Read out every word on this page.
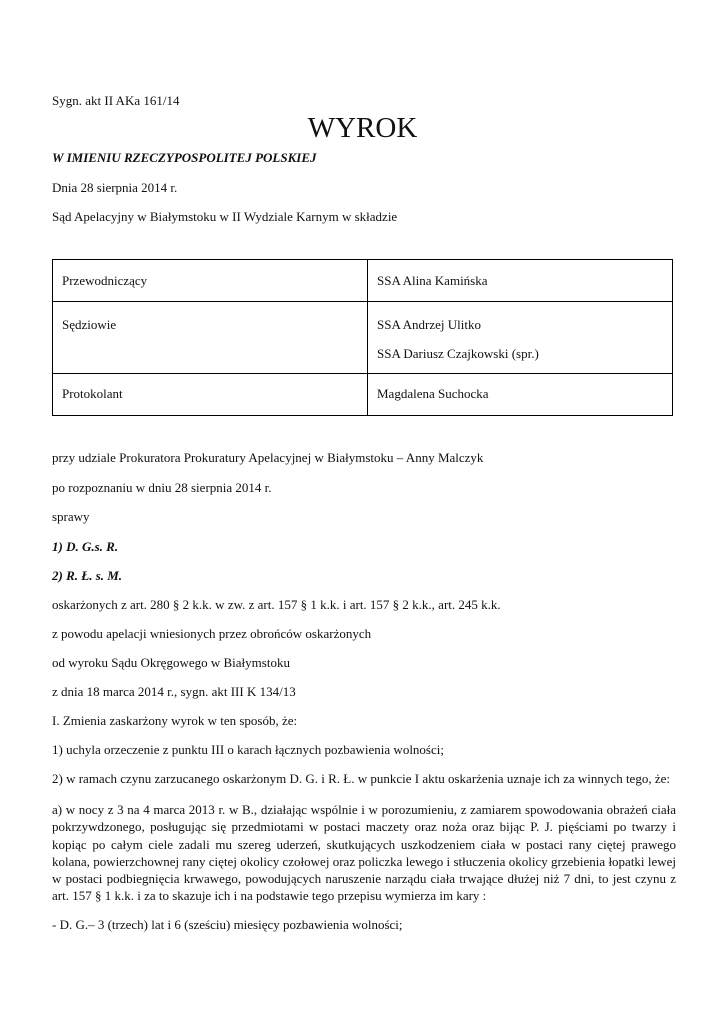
Sygn. akt II AKa 161/14
WYROK
W IMIENIU RZECZYPOSPOLITEJ POLSKIEJ
Dnia 28 sierpnia 2014 r.
Sąd Apelacyjny w Białymstoku w II Wydziale Karnym w składzie
Przewodniczący	SSA Alina Kamińska

Sędziowie	SSA Andrzej Ulitko
SSA Dariusz Czajkowski (spr.)

Protokolant	Magdalena Suchocka
przy udziale Prokuratora Prokuratury Apelacyjnej w Białymstoku – Anny Malczyk
po rozpoznaniu w dniu 28 sierpnia 2014 r.
sprawy
1) D. G.s. R.
2) R. Ł. s. M.
oskarżonych z art. 280 § 2 k.k. w zw. z art. 157 § 1 k.k. i art. 157 § 2 k.k., art. 245 k.k.
z powodu apelacji wniesionych przez obrońców oskarżonych
od wyroku Sądu Okręgowego w Białymstoku
z dnia 18 marca 2014 r., sygn. akt III K 134/13
I. Zmienia zaskarżony wyrok w ten sposób, że:
1) uchyla orzeczenie z punktu III o karach łącznych pozbawienia wolności;
2) w ramach czynu zarzucanego oskarżonym D. G. i R. Ł. w punkcie I aktu oskarżenia uznaje ich za winnych tego, że:
a) w nocy z 3 na 4 marca 2013 r. w B., działając wspólnie i w porozumieniu, z zamiarem spowodowania obrażeń ciała pokrzywdzonego, posługując się przedmiotami w postaci maczety oraz noża oraz bijąc P. J. pięściami po twarzy i kopiąc po całym ciele zadali mu szereg uderzeń, skutkujących uszkodzeniem ciała w postaci rany ciętej prawego kolana, powierzchownej rany ciętej okolicy czołowej oraz policzka lewego i stłuczenia okolicy grzebienia łopatki lewej w postaci podbiegnięcia krwawego, powodujących naruszenie narządu ciała trwające dłużej niż 7 dni, to jest czynu z art. 157 § 1 k.k. i za to skazuje ich i na podstawie tego przepisu wymierza im kary :
- D. G.– 3 (trzech) lat i 6 (sześciu) miesięcy pozbawienia wolności;
